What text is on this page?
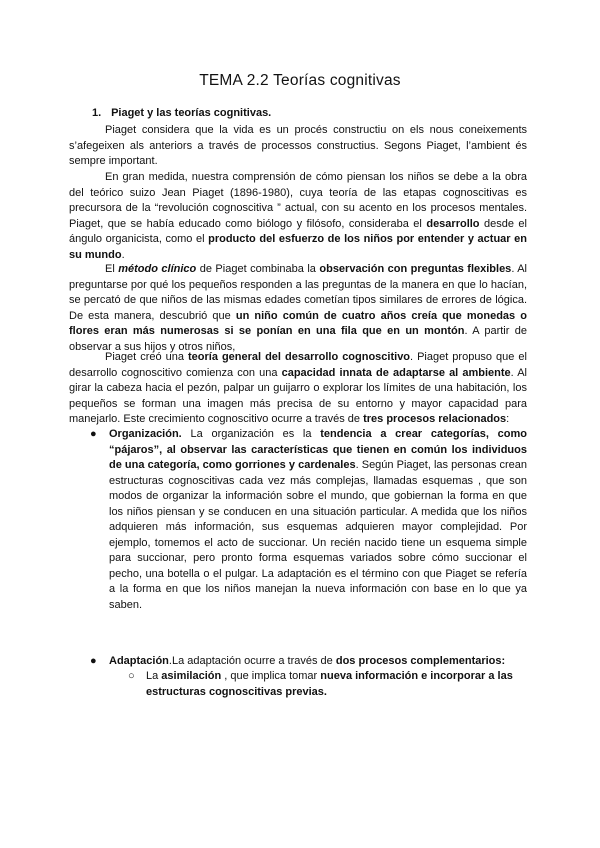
TEMA 2.2 Teorías cognitivas
1. Piaget y las teorías cognitivas.

Piaget considera que la vida es un procés constructiu on els nous coneixements s’afegeixen als anteriors a través de processos constructius. Segons Piaget, l’ambient és sempre important.

En gran medida, nuestra comprensión de cómo piensan los niños se debe a la obra del teórico suizo Jean Piaget (1896-1980), cuya teoría de las etapas cognoscitivas es precursora de la “revolución cognoscitiva ” actual, con su acento en los procesos mentales. Piaget, que se había educado como biólogo y filósofo, consideraba el desarrollo desde el ángulo organicista, como el producto del esfuerzo de los niños por entender y actuar en su mundo.

El método clínico de Piaget combinaba la observación con preguntas flexibles. Al preguntarse por qué los pequeños responden a las preguntas de la manera en que lo hacían, se percató de que niños de las mismas edades cometían tipos similares de errores de lógica. De esta manera, descubrió que un niño común de cuatro años creía que monedas o flores eran más numerosas si se ponían en una fila que en un montón. A partir de observar a sus hijos y otros niños,

Piaget creó una teoría general del desarrollo cognoscitivo. Piaget propuso que el desarrollo cognoscitivo comienza con una capacidad innata de adaptarse al ambiente. Al girar la cabeza hacia el pezón, palpar un guijarro o explorar los límites de una habitación, los pequeños se forman una imagen más precisa de su entorno y mayor capacidad para manejarlo. Este crecimiento cognoscitivo ocurre a través de tres procesos relacionados:

● Organización. La organización es la tendencia a crear categorías, como “pájaros”, al observar las características que tienen en común los individuos de una categoría, como gorriones y cardenales. Según Piaget, las personas crean estructuras cognoscitivas cada vez más complejas, llamadas esquemas , que son modos de organizar la información sobre el mundo, que gobiernan la forma en que los niños piensan y se conducen en una situación particular. A medida que los niños adquieren más información, sus esquemas adquieren mayor complejidad. Por ejemplo, tomemos el acto de succionar. Un recién nacido tiene un esquema simple para succionar, pero pronto forma esquemas variados sobre cómo succionar el pecho, una botella o el pulgar. La adaptación es el término con que Piaget se refería a la forma en que los niños manejan la nueva información con base en lo que ya saben.

● Adaptación.La adaptación ocurre a través de dos procesos complementarios:

○ La asimilación , que implica tomar nueva información e incorporar a las estructuras cognoscitivas previas.
